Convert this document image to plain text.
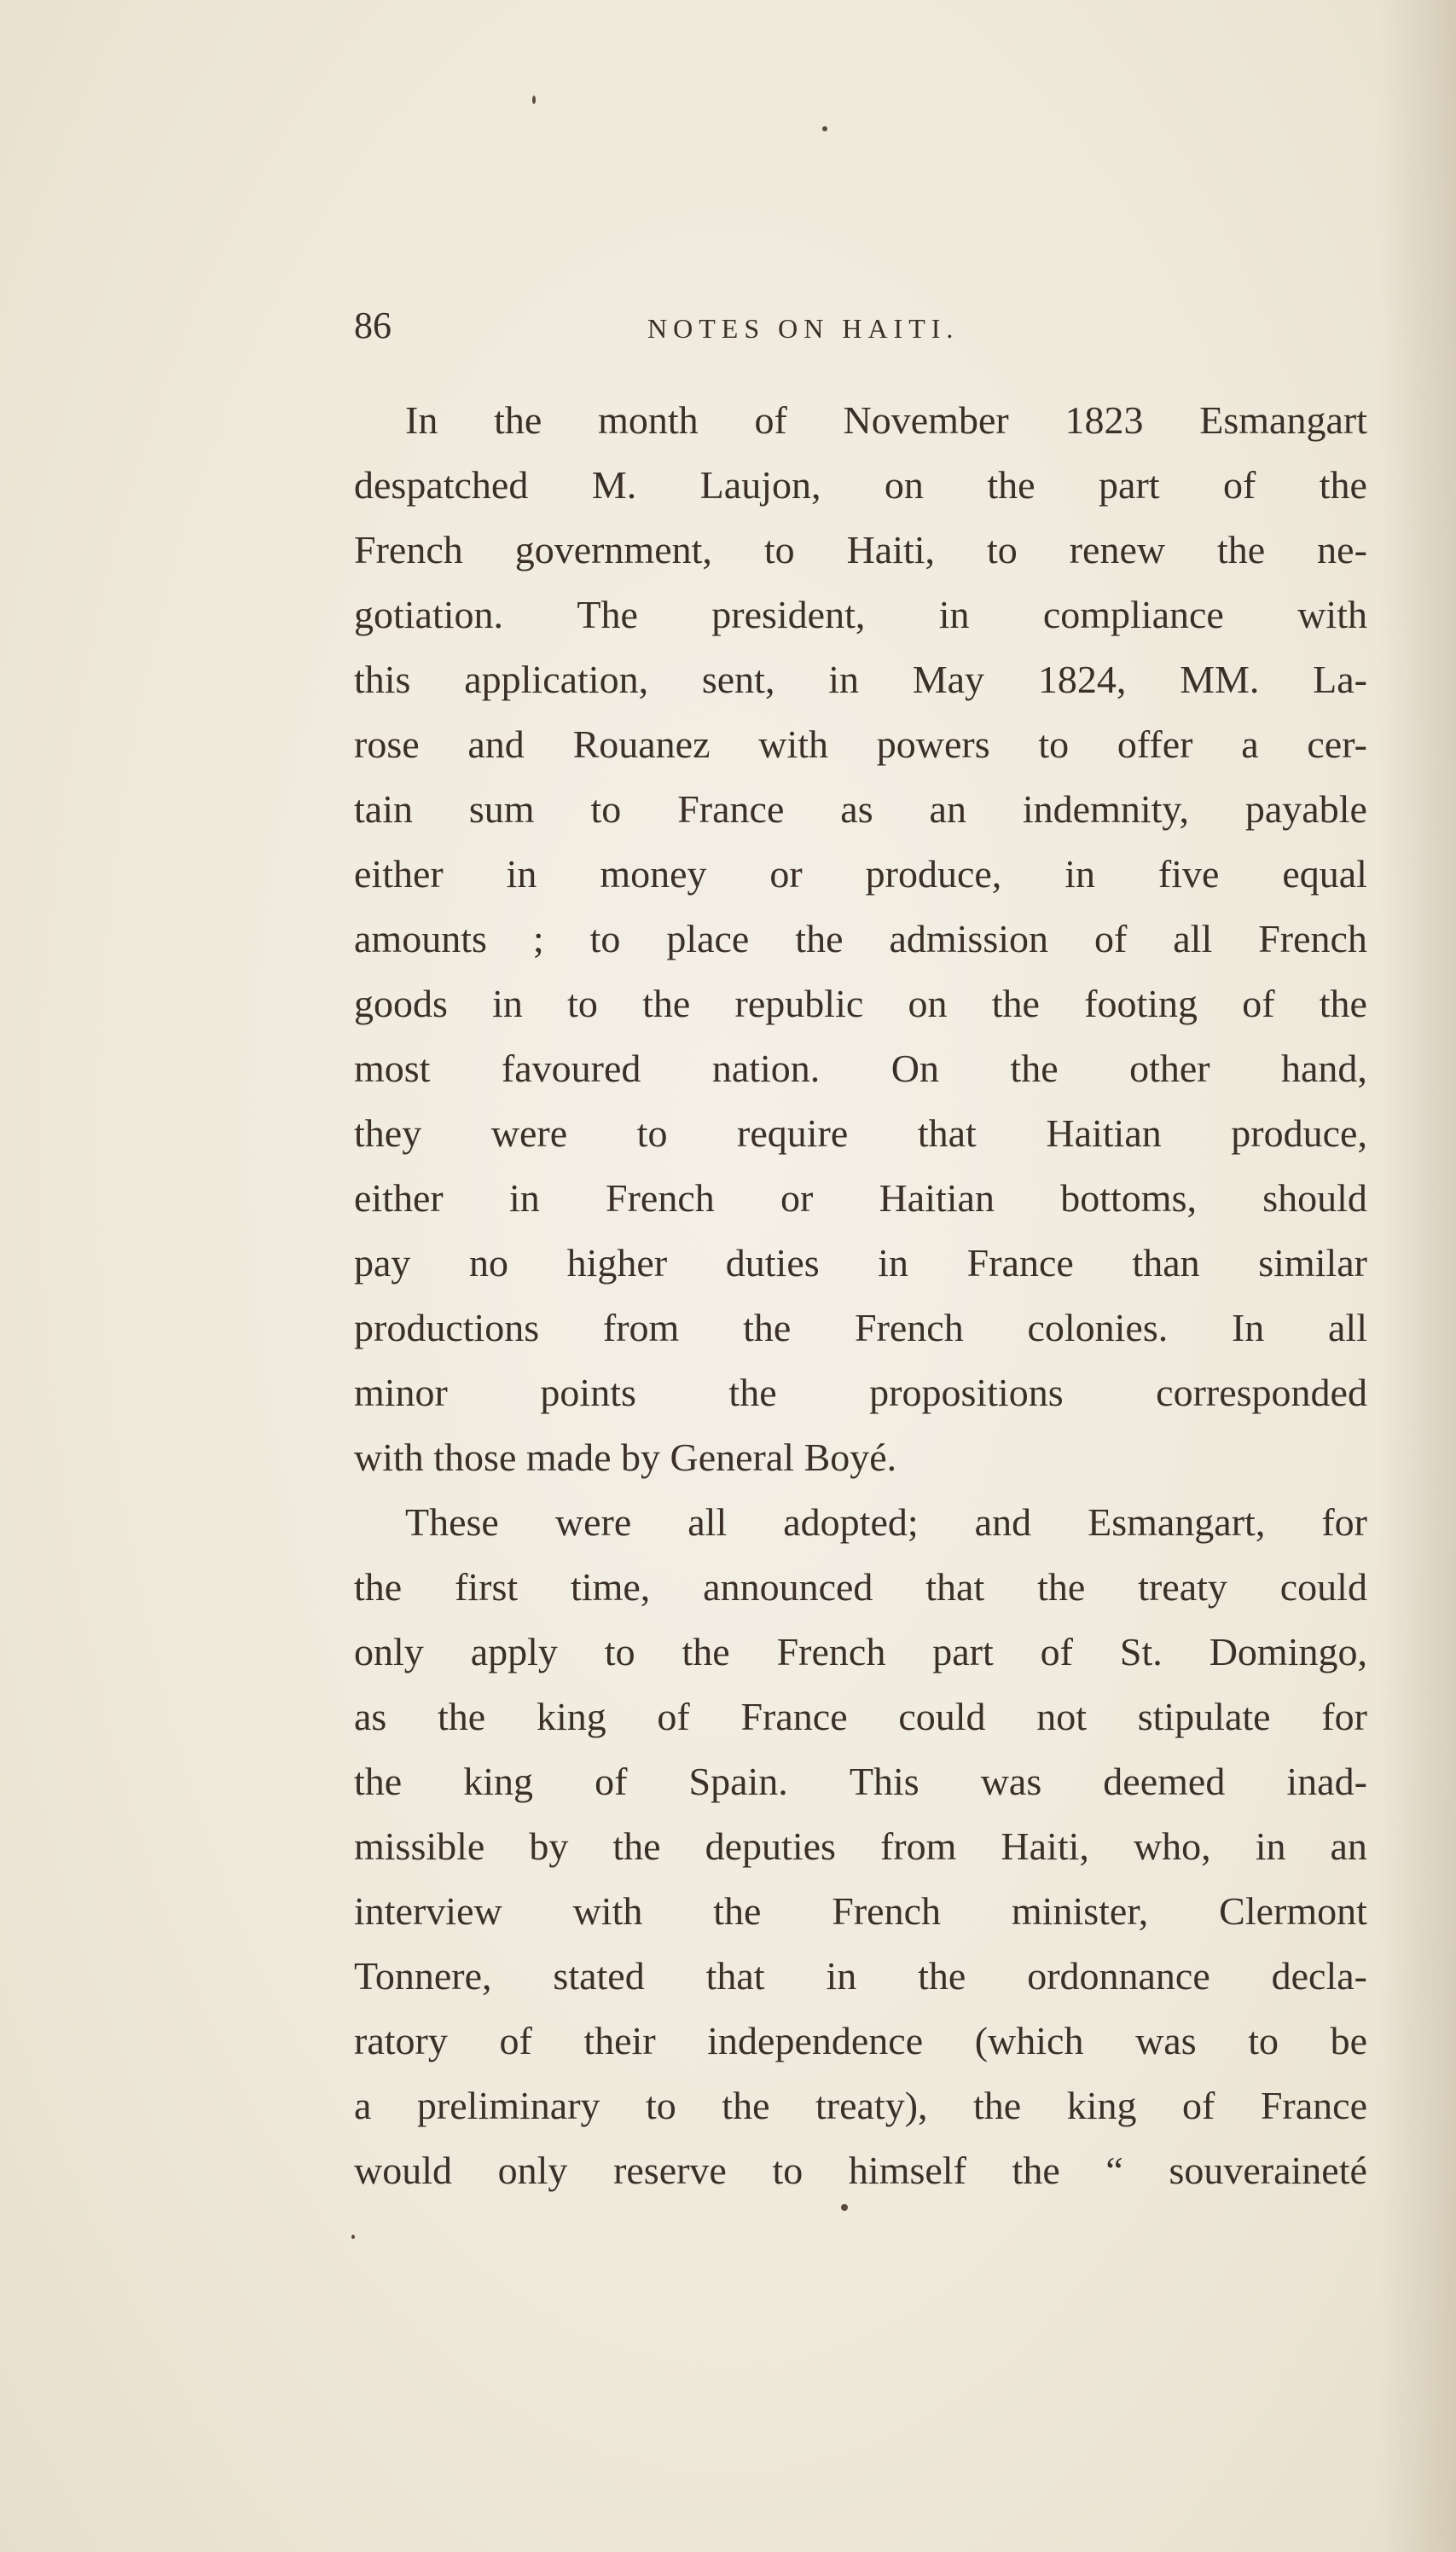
86	NOTES ON HAITI.
In the month of November 1823 Esmangart
despatched M. Laujon, on the part of the
French government, to Haiti, to renew the ne-
gotiation. The president, in compliance with
this application, sent, in May 1824, MM. La-
rose and Rouanez with powers to offer a cer-
tain sum to France as an indemnity, payable
either in money or produce, in five equal
amounts ; to place the admission of all French
goods in to the republic on the footing of the
most favoured nation. On the other hand,
they were to require that Haitian produce,
either in French or Haitian bottoms, should
pay no higher duties in France than similar
productions from the French colonies. In all
minor points the propositions corresponded
with those made by General Boyé.
These were all adopted; and Esmangart, for
the first time, announced that the treaty could
only apply to the French part of St. Domingo,
as the king of France could not stipulate for
the king of Spain. This was deemed inad-
missible by the deputies from Haiti, who, in an
interview with the French minister, Clermont
Tonnere, stated that in the ordonnance decla-
ratory of their independence (which was to be
a preliminary to the treaty), the king of France
would only reserve to himself the “ souveraineté
